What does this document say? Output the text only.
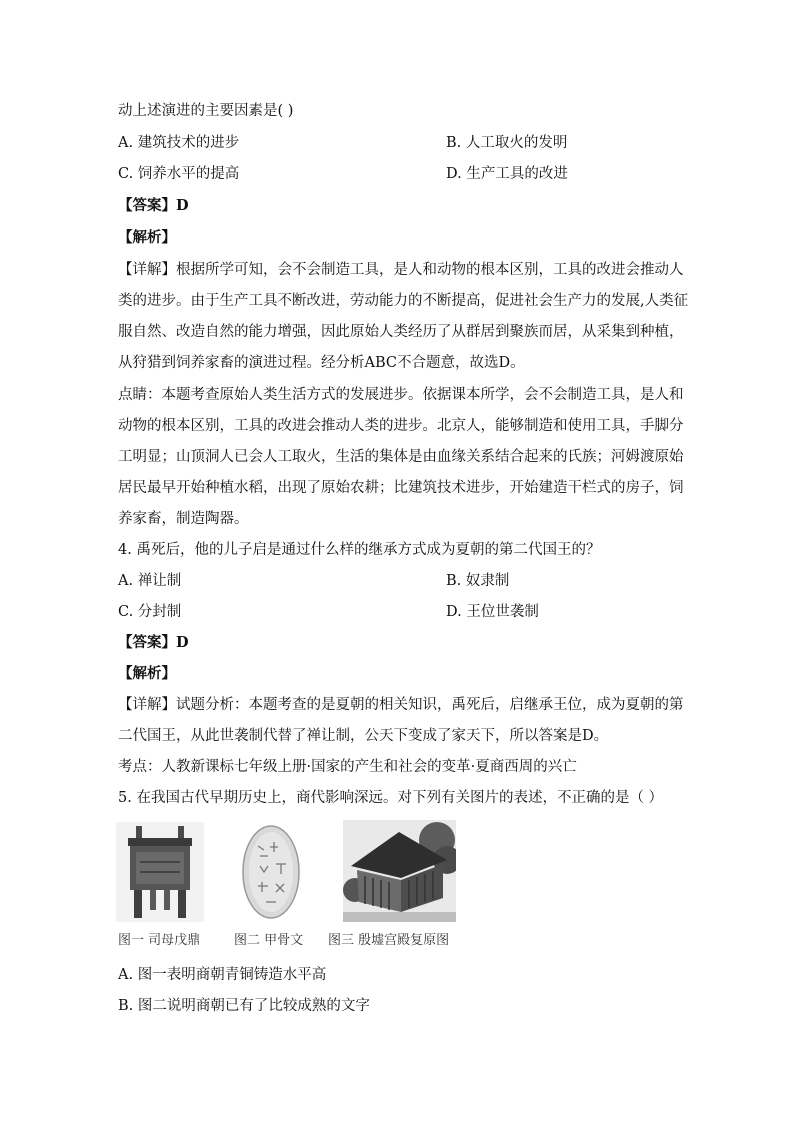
动上述演进的主要因素是( )
A. 建筑技术的进步	B. 人工取火的发明
C. 饲养水平的提高	D. 生产工具的改进
【答案】D
【解析】
【详解】根据所学可知，会不会制造工具，是人和动物的根本区别，工具的改进会推动人
类的进步。由于生产工具不断改进，劳动能力的不断提高，促进社会生产力的发展,人类征
服自然、改造自然的能力增强，因此原始人类经历了从群居到聚族而居，从采集到种植，
从狩猎到饲养家畜的演进过程。经分析ABC不合题意，故选D。
点睛：本题考查原始人类生活方式的发展进步。依据课本所学，会不会制造工具，是人和
动物的根本区别，工具的改进会推动人类的进步。北京人，能够制造和使用工具，手脚分
工明显；山顶洞人已会人工取火，生活的集体是由血缘关系结合起来的氏族；河姆渡原始
居民最早开始种植水稻，出现了原始农耕；比建筑技术进步，开始建造干栏式的房子，饲
养家畜，制造陶器。
4. 禹死后，他的儿子启是通过什么样的继承方式成为夏朝的第二代国王的？
A. 禅让制	B. 奴隶制
C. 分封制	D. 王位世袭制
【答案】D
【解析】
【详解】试题分析：本题考查的是夏朝的相关知识，禹死后，启继承王位，成为夏朝的第
二代国王，从此世袭制代替了禅让制，公天下变成了家天下，所以答案是D。
考点：人教新课标七年级上册·国家的产生和社会的变革·夏商西周的兴亡
5. 在我国古代早期历史上，商代影响深远。对下列有关图片的表述，不正确的是（ ）
图一 司母戊鼎	图二 甲骨文 图三 殷墟宫殿复原图
A. 图一表明商朝青铜铸造水平高
B. 图二说明商朝已有了比较成熟的文字
